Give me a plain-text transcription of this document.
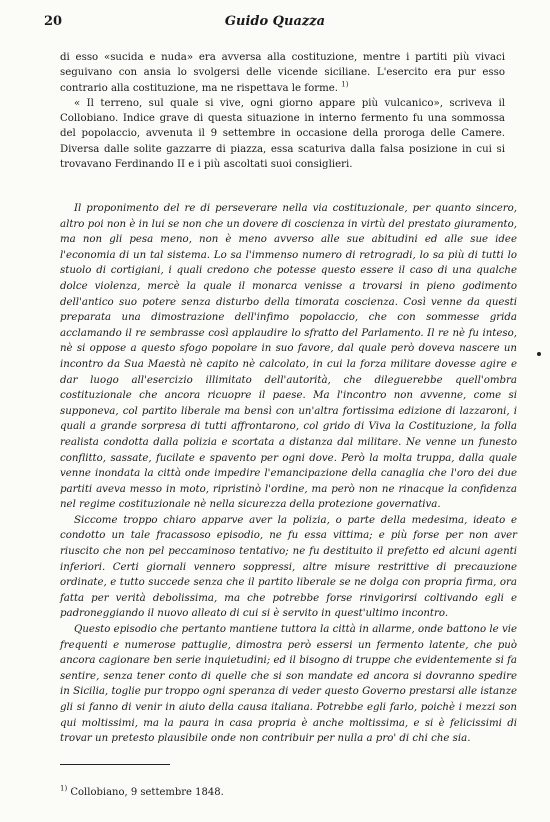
20	Guido Quazza

di esso «sucida e nuda» era avversa alla costituzione, mentre i partiti più vivaci seguivano con ansia lo svolgersi delle vicende siciliane. L'esercito era pur esso contrario alla costituzione, ma ne rispettava le forme. $^{1)}$

« Il terreno, sul quale si vive, ogni giorno appare più vulcanico», scriveva il Collobiano. Indice grave di questa situazione in interno fermento fu una sommossa del popolaccio, avvenuta il 9 settembre in occasione della proroga delle Camere. Diversa dalle solite gazzarre di piazza, essa scaturiva dalla falsa posizione in cui si trovavano Ferdinando II e i più ascoltati suoi consiglieri.

Il proponimento del re di perseverare nella via costituzionale, per quanto sincero, altro poi non è in lui se non che un dovere di coscienza in virtù del prestato giuramento, ma non gli pesa meno, non è meno avverso alle sue abitudini ed alle sue idee l'economia di un tal sistema. Lo sa l'immenso numero di retrogradi, lo sa più di tutti lo stuolo di cortigiani, i quali credono che potesse questo essere il caso di una qualche dolce violenza, mercè la quale il monarca venisse a trovarsi in pieno godimento dell'antico suo potere senza disturbo della timorata coscienza. Così venne da questi preparata una dimostrazione dell'infimo popolaccio, che con sommesse grida acclamando il re sembrasse così applaudire lo sfratto del Parlamento. Il re nè fu inteso, nè si oppose a questo sfogo popolare in suo favore, dal quale però doveva nascere un incontro da Sua Maestà nè capito nè calcolato, in cui la forza militare dovesse agire e dar luogo all'esercizio illimitato dell'autorità, che dileguerebbe quell'ombra costituzionale che ancora ricuopre il paese. Ma l'incontro non avvenne, come si supponeva, col partito liberale ma bensì con un'altra fortissima edizione di lazzaroni, i quali a grande sorpresa di tutti affrontarono, col grido di Viva la Costituzione, la folla realista condotta dalla polizia e scortata a distanza dal militare. Ne venne un funesto conflitto, sassate, fucilate e spavento per ogni dove. Però la molta truppa, dalla quale venne inondata la città onde impedire l'emancipazione della canaglia che l'oro dei due partiti aveva messo in moto, ripristinò l'ordine, ma però non ne rinacque la confidenza nel regime costituzionale nè nella sicurezza della protezione governativa.

Siccome troppo chiaro apparve aver la polizia, o parte della medesima, ideato e condotto un tale fracassoso episodio, ne fu essa vittima; e più forse per non aver riuscito che non pel peccaminoso tentativo; ne fu destituito il prefetto ed alcuni agenti inferiori. Certi giornali vennero soppressi, altre misure restrittive di precauzione ordinate, e tutto succede senza che il partito liberale se ne dolga con propria firma, ora fatta per verità debolissima, ma che potrebbe forse rinvigorirsi coltivando egli e padroneggiando il nuovo alleato di cui si è servito in quest'ultimo incontro.

Questo episodio che pertanto mantiene tuttora la città in allarme, onde battono le vie frequenti e numerose pattuglie, dimostra però essersi un fermento latente, che può ancora cagionare ben serie inquietudini; ed il bisogno di truppe che evidentemente si fa sentire, senza tener conto di quelle che si son mandate ed ancora si dovranno spedire in Sicilia, toglie pur troppo ogni speranza di veder questo Governo prestarsi alle istanze gli si fanno di venir in aiuto della causa italiana. Potrebbe egli farlo, poichè i mezzi son qui moltissimi, ma la paura in casa propria è anche moltissima, e si è felicissimi di trovar un pretesto plausibile onde non contribuir per nulla a pro' di chi che sia.

$^{1)}$ Collobiano, 9 settembre 1848.
